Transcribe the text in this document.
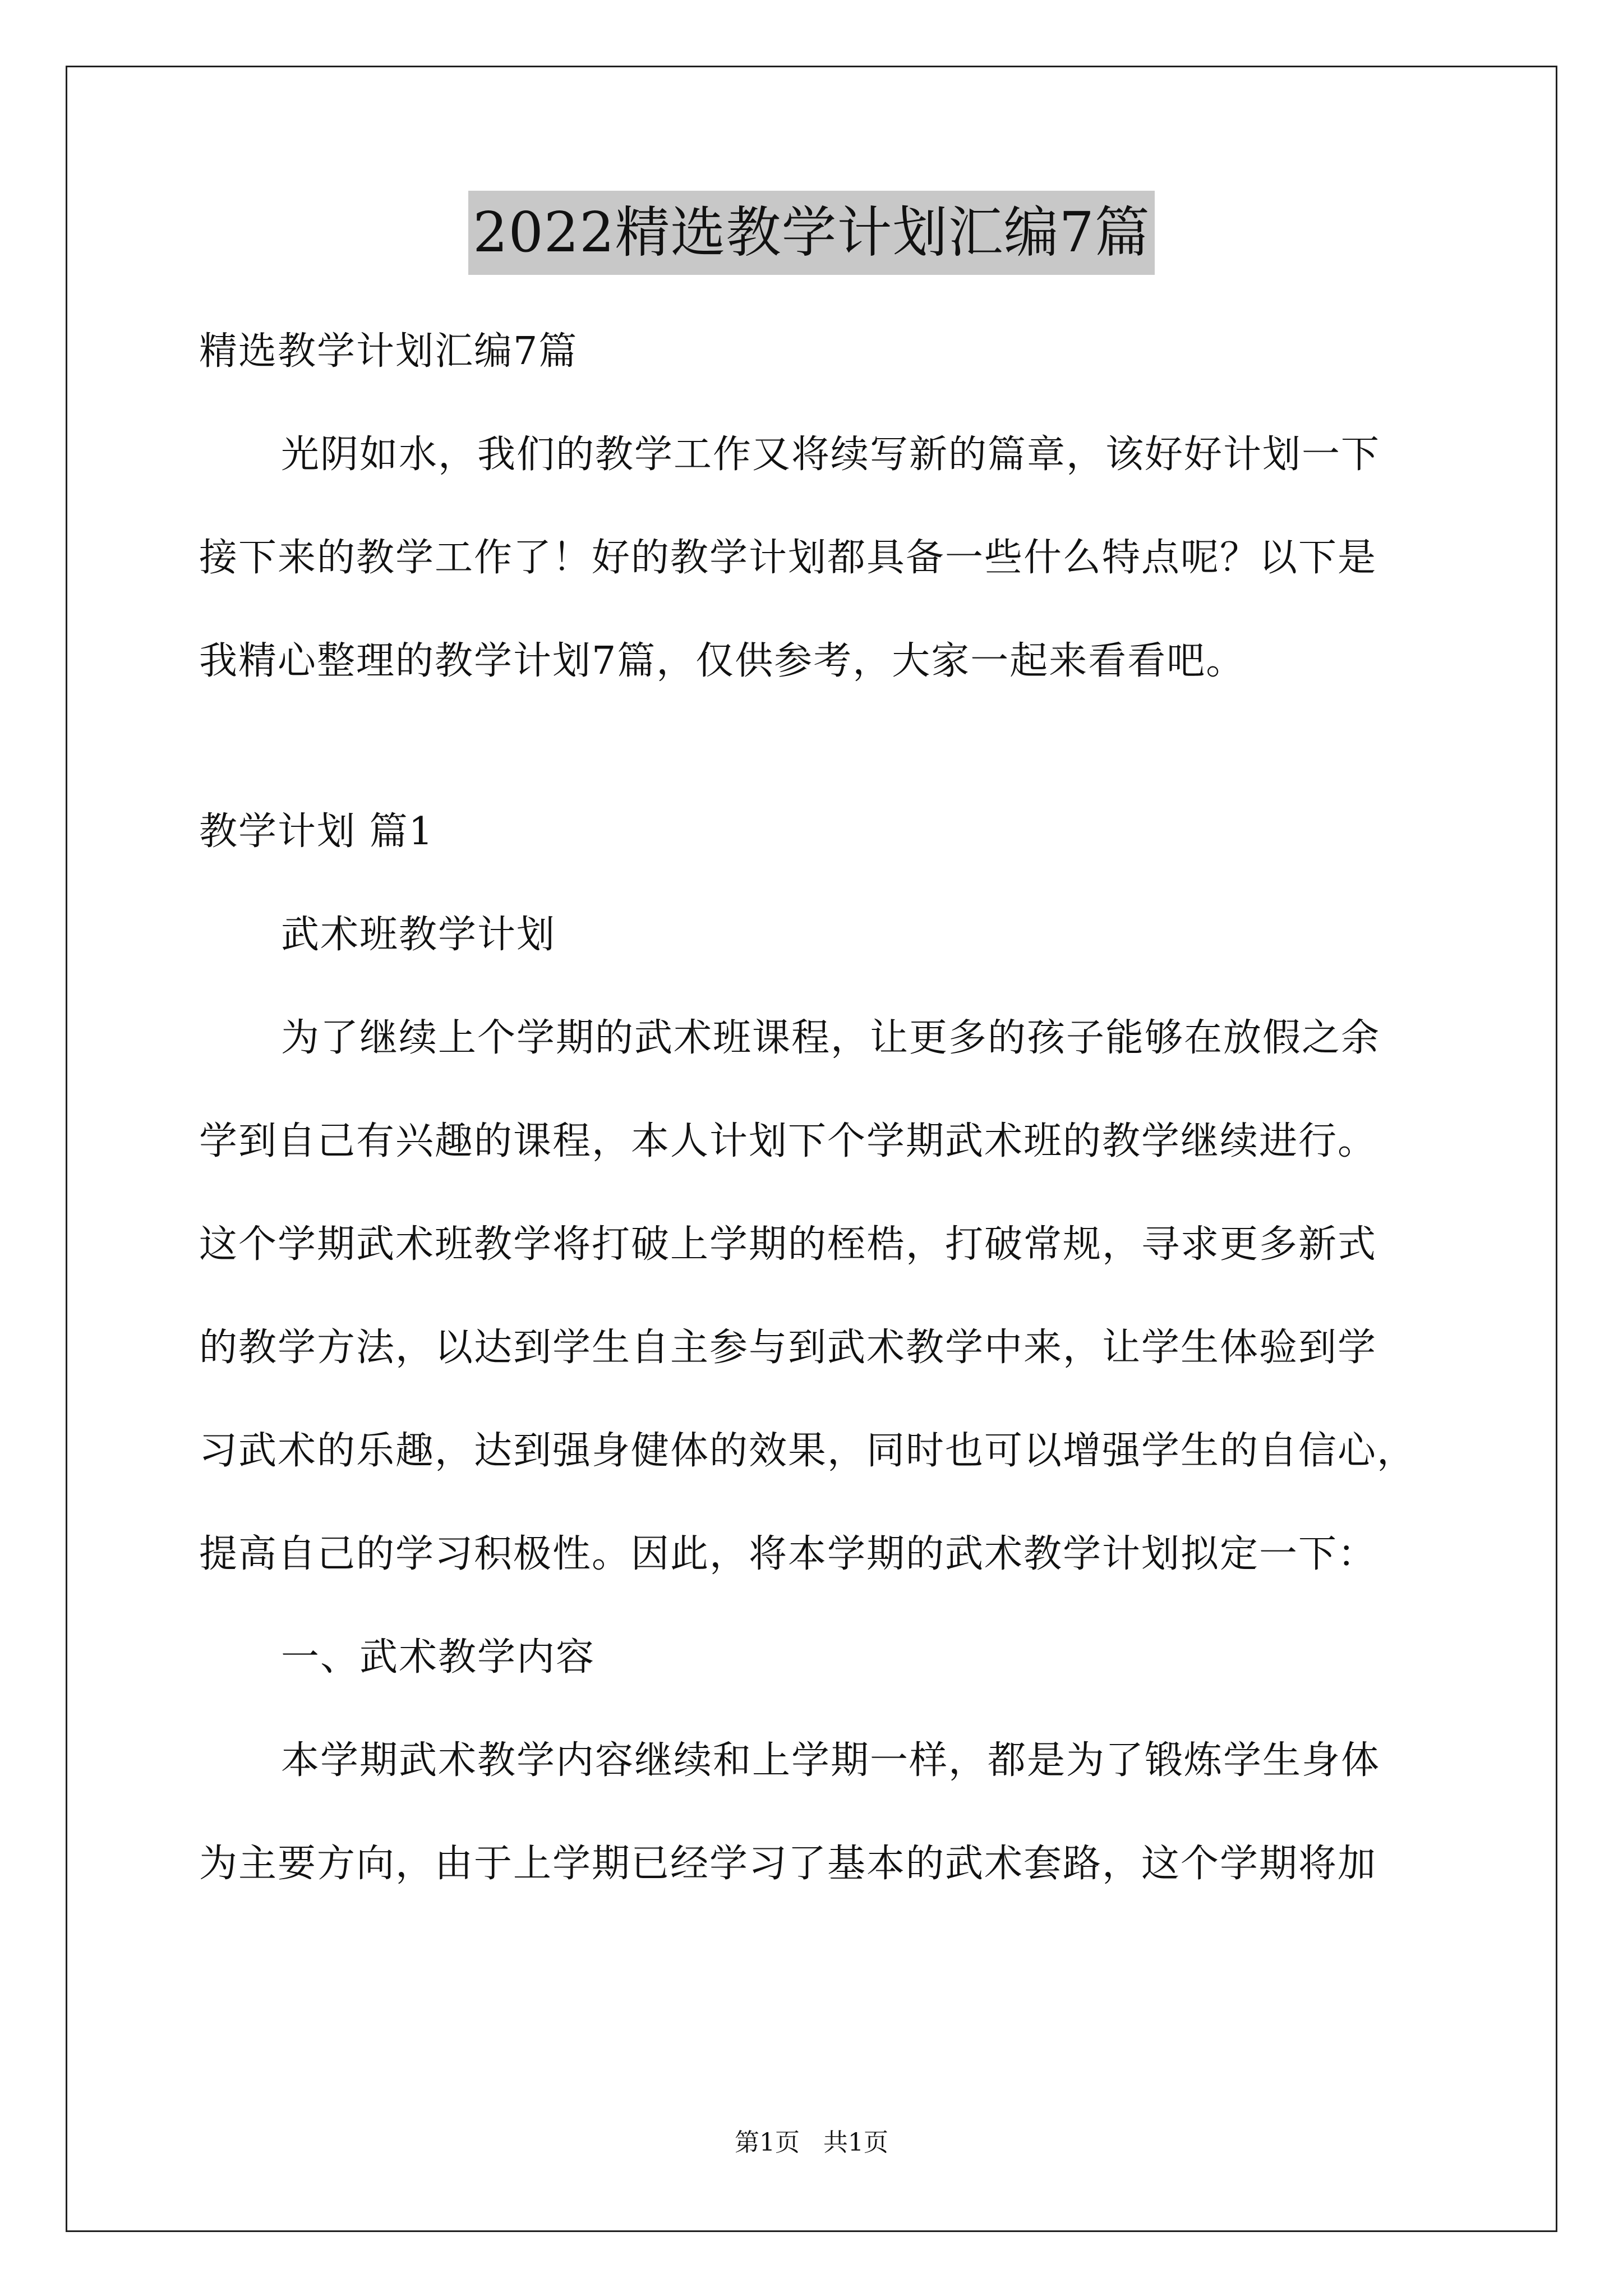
2022精选教学计划汇编7篇
精选教学计划汇编7篇
光阴如水，我们的教学工作又将续写新的篇章，该好好计划一下
接下来的教学工作了！好的教学计划都具备一些什么特点呢？以下是
我精心整理的教学计划7篇，仅供参考，大家一起来看看吧。
教学计划 篇1
武术班教学计划
为了继续上个学期的武术班课程，让更多的孩子能够在放假之余
学到自己有兴趣的课程，本人计划下个学期武术班的教学继续进行。
这个学期武术班教学将打破上学期的桎梏，打破常规，寻求更多新式
的教学方法，以达到学生自主参与到武术教学中来，让学生体验到学
习武术的乐趣，达到强身健体的效果，同时也可以增强学生的自信心，
提高自己的学习积极性。因此，将本学期的武术教学计划拟定一下：
一、武术教学内容
本学期武术教学内容继续和上学期一样，都是为了锻炼学生身体
为主要方向，由于上学期已经学习了基本的武术套路，这个学期将加
第1页   共1页
